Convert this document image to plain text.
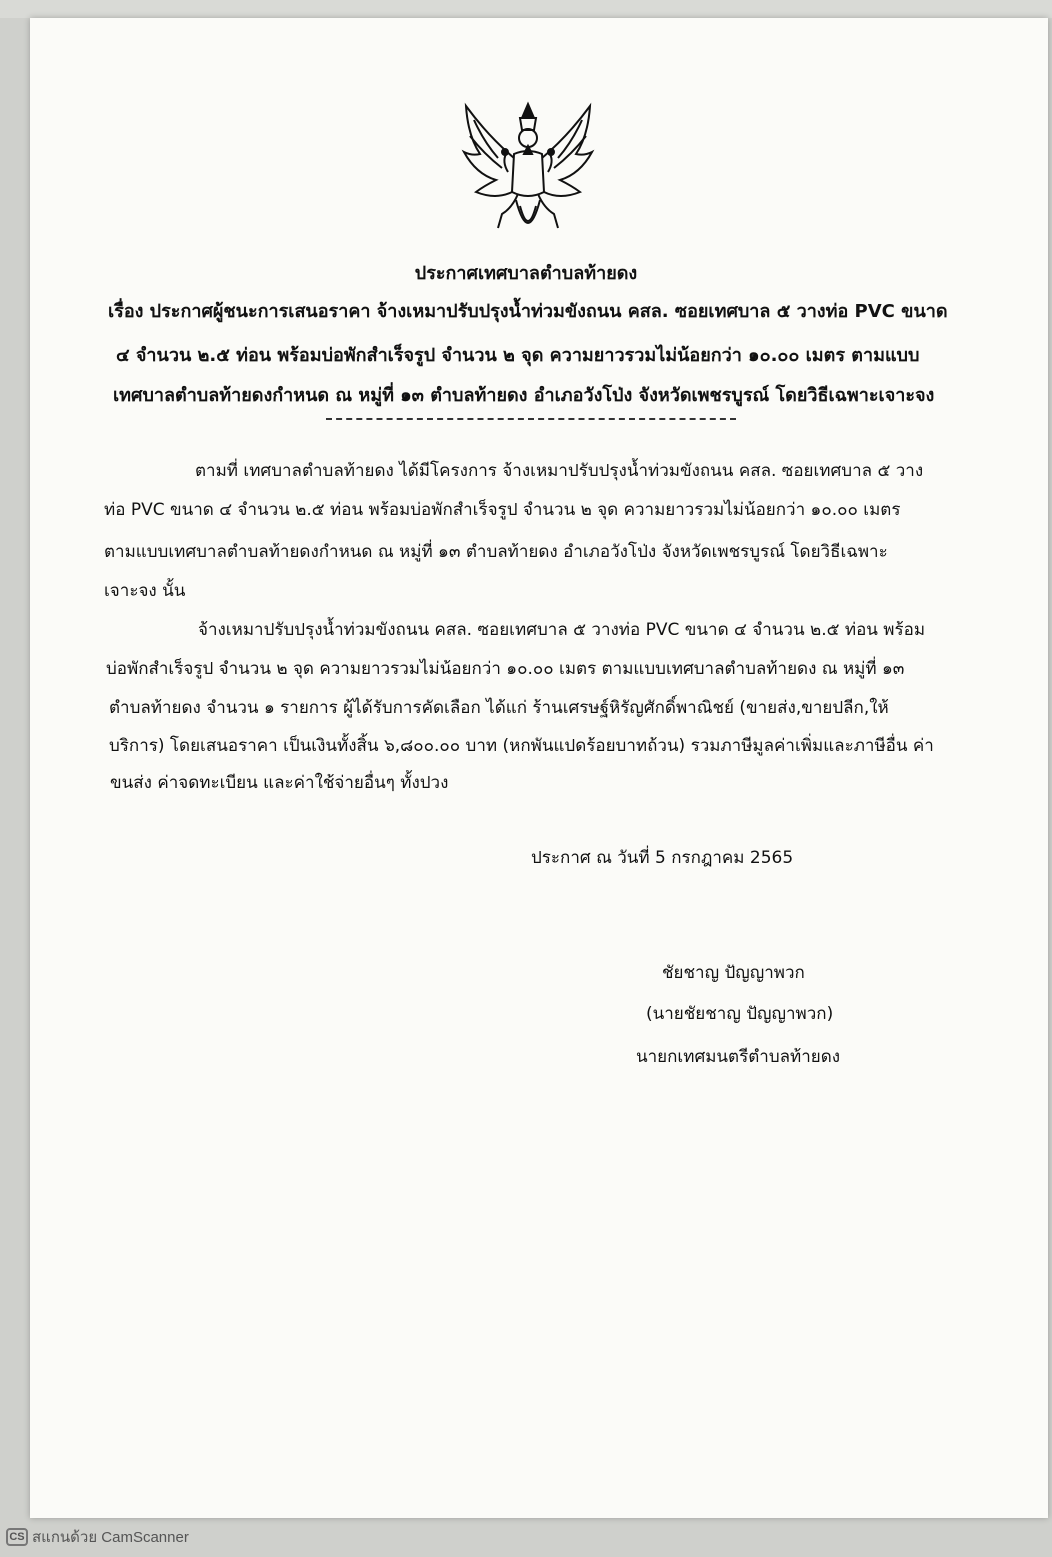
ประกาศเทศบาลตำบลท้ายดง
เรื่อง ประกาศผู้ชนะการเสนอราคา จ้างเหมาปรับปรุงน้ำท่วมขังถนน คสล. ซอยเทศบาล ๕ วางท่อ PVC ขนาด
๔ จำนวน ๒.๕ ท่อน พร้อมบ่อพักสำเร็จรูป จำนวน ๒ จุด ความยาวรวมไม่น้อยกว่า ๑๐.๐๐ เมตร ตามแบบ
เทศบาลตำบลท้ายดงกำหนด ณ หมู่ที่ ๑๓ ตำบลท้ายดง อำเภอวังโป่ง จังหวัดเพชรบูรณ์ โดยวิธีเฉพาะเจาะจง
ตามที่ เทศบาลตำบลท้ายดง ได้มีโครงการ จ้างเหมาปรับปรุงน้ำท่วมขังถนน คสล. ซอยเทศบาล ๕ วาง
ท่อ PVC ขนาด ๔ จำนวน ๒.๕ ท่อน พร้อมบ่อพักสำเร็จรูป จำนวน ๒ จุด ความยาวรวมไม่น้อยกว่า ๑๐.๐๐ เมตร
ตามแบบเทศบาลตำบลท้ายดงกำหนด ณ หมู่ที่ ๑๓ ตำบลท้ายดง อำเภอวังโป่ง จังหวัดเพชรบูรณ์ โดยวิธีเฉพาะ
เจาะจง นั้น
จ้างเหมาปรับปรุงน้ำท่วมขังถนน คสล. ซอยเทศบาล ๕ วางท่อ PVC ขนาด ๔ จำนวน ๒.๕ ท่อน พร้อม
บ่อพักสำเร็จรูป จำนวน ๒ จุด ความยาวรวมไม่น้อยกว่า ๑๐.๐๐ เมตร ตามแบบเทศบาลตำบลท้ายดง ณ หมู่ที่ ๑๓
ตำบลท้ายดง จำนวน ๑ รายการ ผู้ได้รับการคัดเลือก ได้แก่ ร้านเศรษฐ์หิรัญศักดิ์พาณิชย์ (ขายส่ง,ขายปลีก,ให้
บริการ) โดยเสนอราคา เป็นเงินทั้งสิ้น ๖,๘๐๐.๐๐ บาท (หกพันแปดร้อยบาทถ้วน) รวมภาษีมูลค่าเพิ่มและภาษีอื่น ค่า
ขนส่ง ค่าจดทะเบียน และค่าใช้จ่ายอื่นๆ ทั้งปวง
ประกาศ ณ วันที่ 5 กรกฎาคม 2565
ชัยชาญ ปัญญาพวก
(นายชัยชาญ ปัญญาพวก)
นายกเทศมนตรีตำบลท้ายดง
CS สแกนด้วย CamScanner
